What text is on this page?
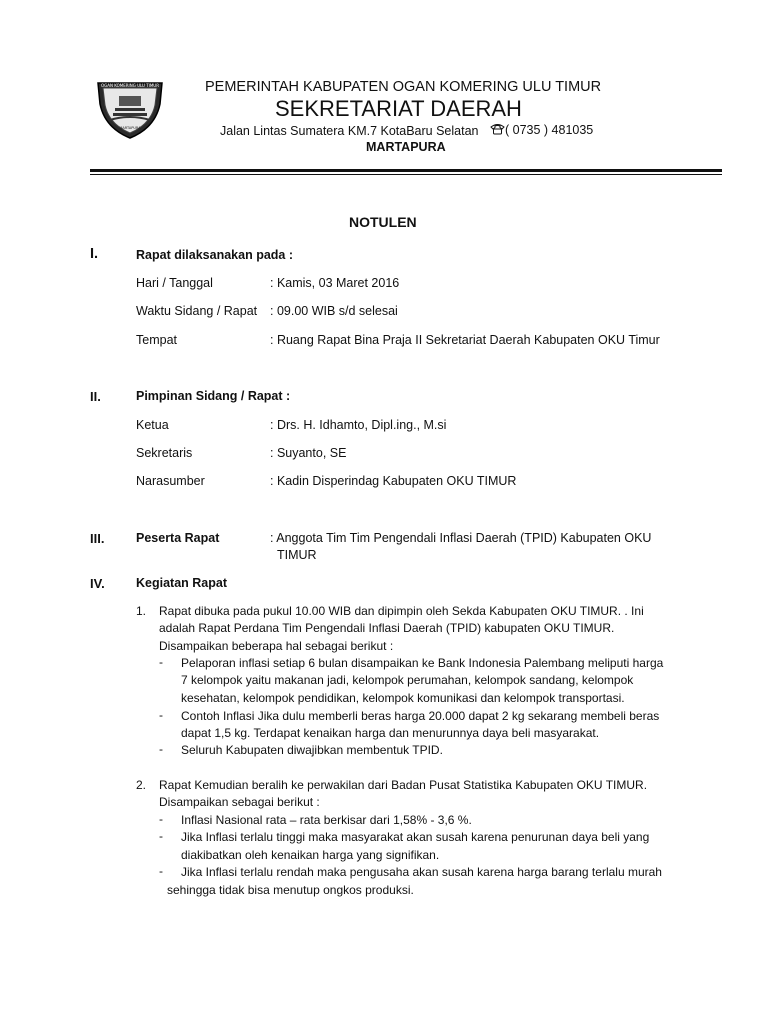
OGAN KOMERING ULU TIMUR
MARTAPURA
PEMERINTAH KABUPATEN OGAN KOMERING ULU TIMUR
SEKRETARIAT DAERAH
Jalan Lintas Sumatera KM.7 KotaBaru Selatan	( 0735 ) 481035
MARTAPURA
NOTULEN
I.	Rapat dilaksanakan pada :
Hari / Tanggal	: Kamis, 03 Maret 2016
Waktu Sidang / Rapat : 09.00 WIB s/d selesai
Tempat	: Ruang Rapat Bina Praja II Sekretariat Daerah Kabupaten OKU Timur
II.	Pimpinan Sidang / Rapat :
Ketua	: Drs. H. Idhamto, Dipl.ing., M.si
Sekretaris	: Suyanto, SE
Narasumber	: Kadin Disperindag Kabupaten OKU TIMUR
III.	Peserta Rapat	: Anggota Tim Tim Pengendali Inflasi Daerah (TPID) Kabupaten OKU
TIMUR
IV.	Kegiatan Rapat
1. Rapat dibuka pada pukul 10.00 WIB dan dipimpin oleh Sekda Kabupaten OKU TIMUR. . Ini
adalah Rapat Perdana Tim Pengendali Inflasi Daerah (TPID) kabupaten OKU TIMUR.
Disampaikan beberapa hal sebagai berikut :
- Pelaporan inflasi setiap 6 bulan disampaikan ke Bank Indonesia Palembang meliputi harga
7 kelompok yaitu makanan jadi, kelompok perumahan, kelompok sandang, kelompok
kesehatan, kelompok pendidikan, kelompok komunikasi dan kelompok transportasi.
- Contoh Inflasi Jika dulu memberli beras harga 20.000 dapat 2 kg sekarang membeli beras
dapat 1,5 kg. Terdapat kenaikan harga dan menurunnya daya beli masyarakat.
- Seluruh Kabupaten diwajibkan membentuk TPID.
2. Rapat Kemudian beralih ke perwakilan dari Badan Pusat Statistika Kabupaten OKU TIMUR.
Disampaikan sebagai berikut :
- Inflasi Nasional rata – rata berkisar dari 1,58% - 3,6 %.
- Jika Inflasi terlalu tinggi maka masyarakat akan susah karena penurunan daya beli yang
diakibatkan oleh kenaikan harga yang signifikan.
- Jika Inflasi terlalu rendah maka pengusaha akan susah karena harga barang terlalu murah
sehingga tidak bisa menutup ongkos produksi.
